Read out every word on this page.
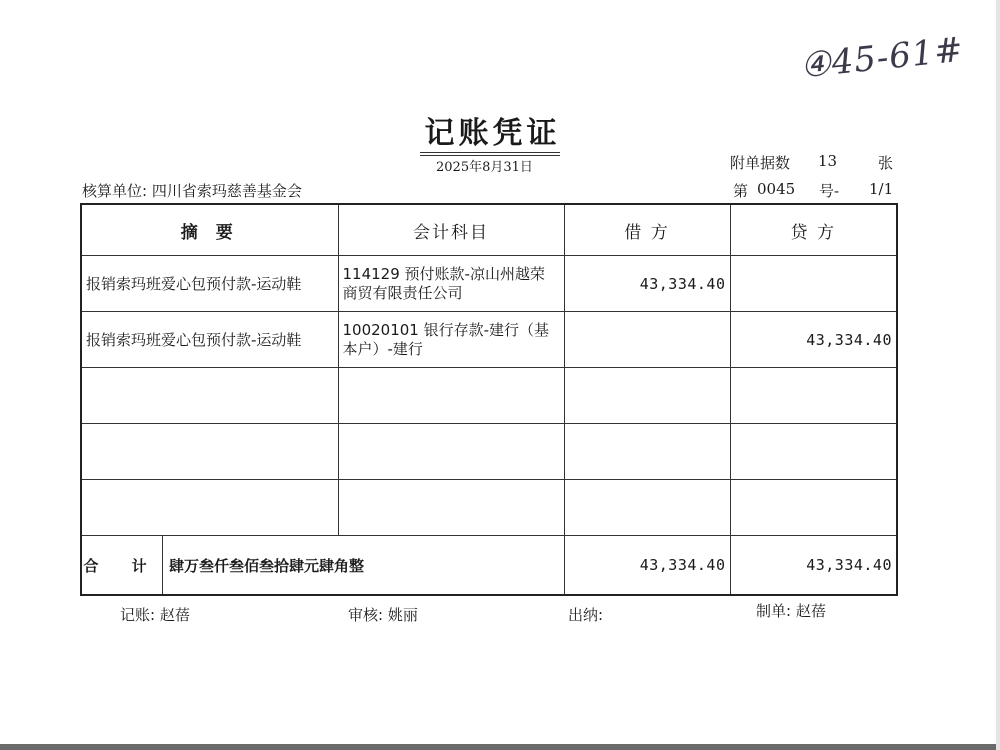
④45-61#
记账凭证
2025年8月31日	附单据数 13	张
核算单位: 四川省索玛慈善基金会	第 0045 号- 1/1
摘 要	会计科目	借 方	贷 方
报销索玛班爱心包预付款-运动鞋	114129 预付账款-凉山州越荣商贸有限责任公司	43,334.40	
报销索玛班爱心包预付款-运动鞋	10020101 银行存款-建行（基本户）-建行		43,334.40

合 计 肆万叁仟叁佰叁拾肆元肆角整		43,334.40	43,334.40
记账: 赵蓓	审核: 姚丽	出纳:	制单: 赵蓓
